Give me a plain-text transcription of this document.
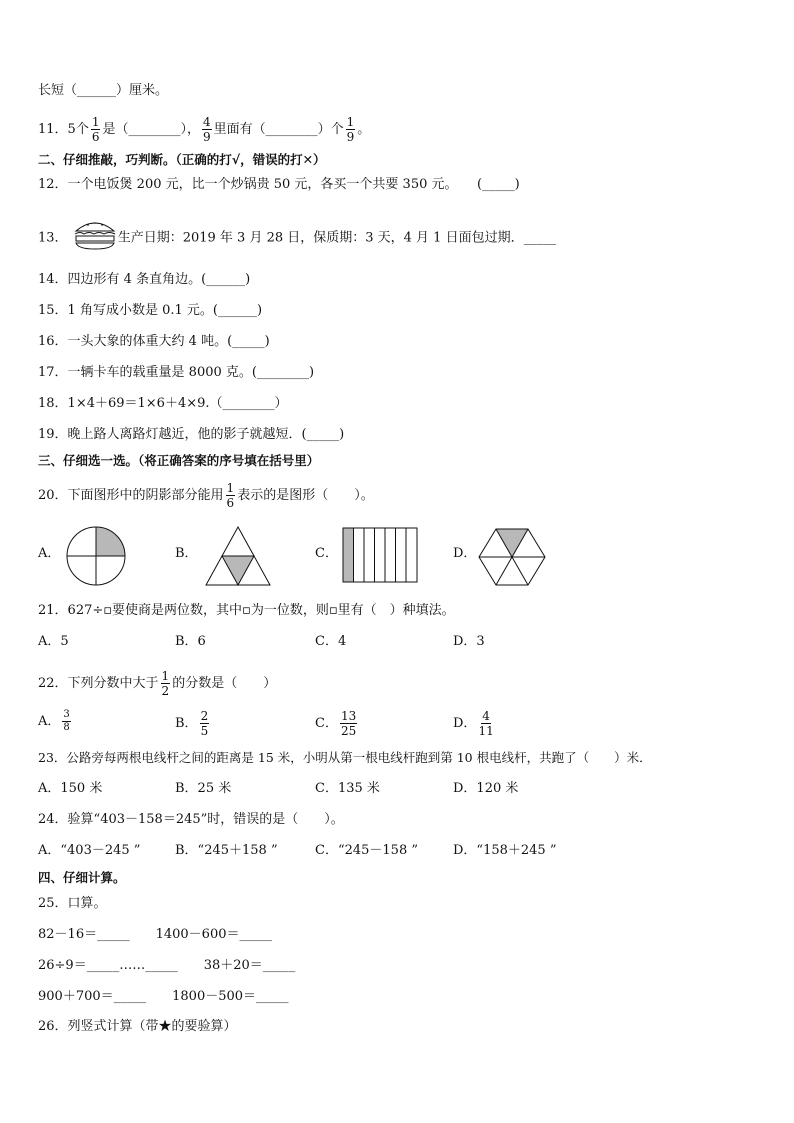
长短（______）厘米。
11．5个 $\frac{1}{6}$ 是（________）， $\frac{4}{9}$ 里面有（________）个 $\frac{1}{9}$ 。
二、仔细推敲，巧判断。（正确的打√，错误的打✕）
12．一个电饭煲 200 元，比一个炒锅贵 50 元，各买一个共要 350 元。　　(_____)
13．	生产日期：2019 年 3 月 28 日，保质期：3 天，4 月 1 日面包过期．_____
14．四边形有 4 条直角边。(______)
15．1 角写成小数是 0.1 元。(______)
16．一头大象的体重大约 4 吨。(_____)
17．一辆卡车的载重量是 8000 克。(________)
18．1×4＋69＝1×6＋4×9.（________）
19．晚上路人离路灯越近，他的影子就越短．(_____)
三、仔细选一选。（将正确答案的序号填在括号里）
20．下面图形中的阴影部分能用 $\frac{1}{6}$ 表示的是图形（　　）。
A．	B．	C．	D．
21．627÷▫要使商是两位数，其中▫为一位数，则▫里有（　）种填法。
A．5	B．6	C．4	D．3
22．下列分数中大于 $\frac{1}{2}$ 的分数是（　　）
A． $\frac{3}{8}$	B． $\frac{2}{5}$	C． $\frac{13}{25}$	D． $\frac{4}{11}$
23．公路旁每两根电线杆之间的距离是 15 米，小明从第一根电线杆跑到第 10 根电线杆，共跑了（　　）米．
A．150 米	B．25 米	C．135 米	D．120 米
24．验算“403－158＝245”时，错误的是（　　）。
A．“403－245 ”	B．“245＋158 ”	C．“245－158 ”	D．“158＋245 ”
四、仔细计算。
25．口算。
82－16＝_____　　1400－600＝_____
26÷9＝_____……_____　　38＋20＝_____
900＋700＝_____　　1800－500＝_____
26．列竖式计算（带★的要验算）
